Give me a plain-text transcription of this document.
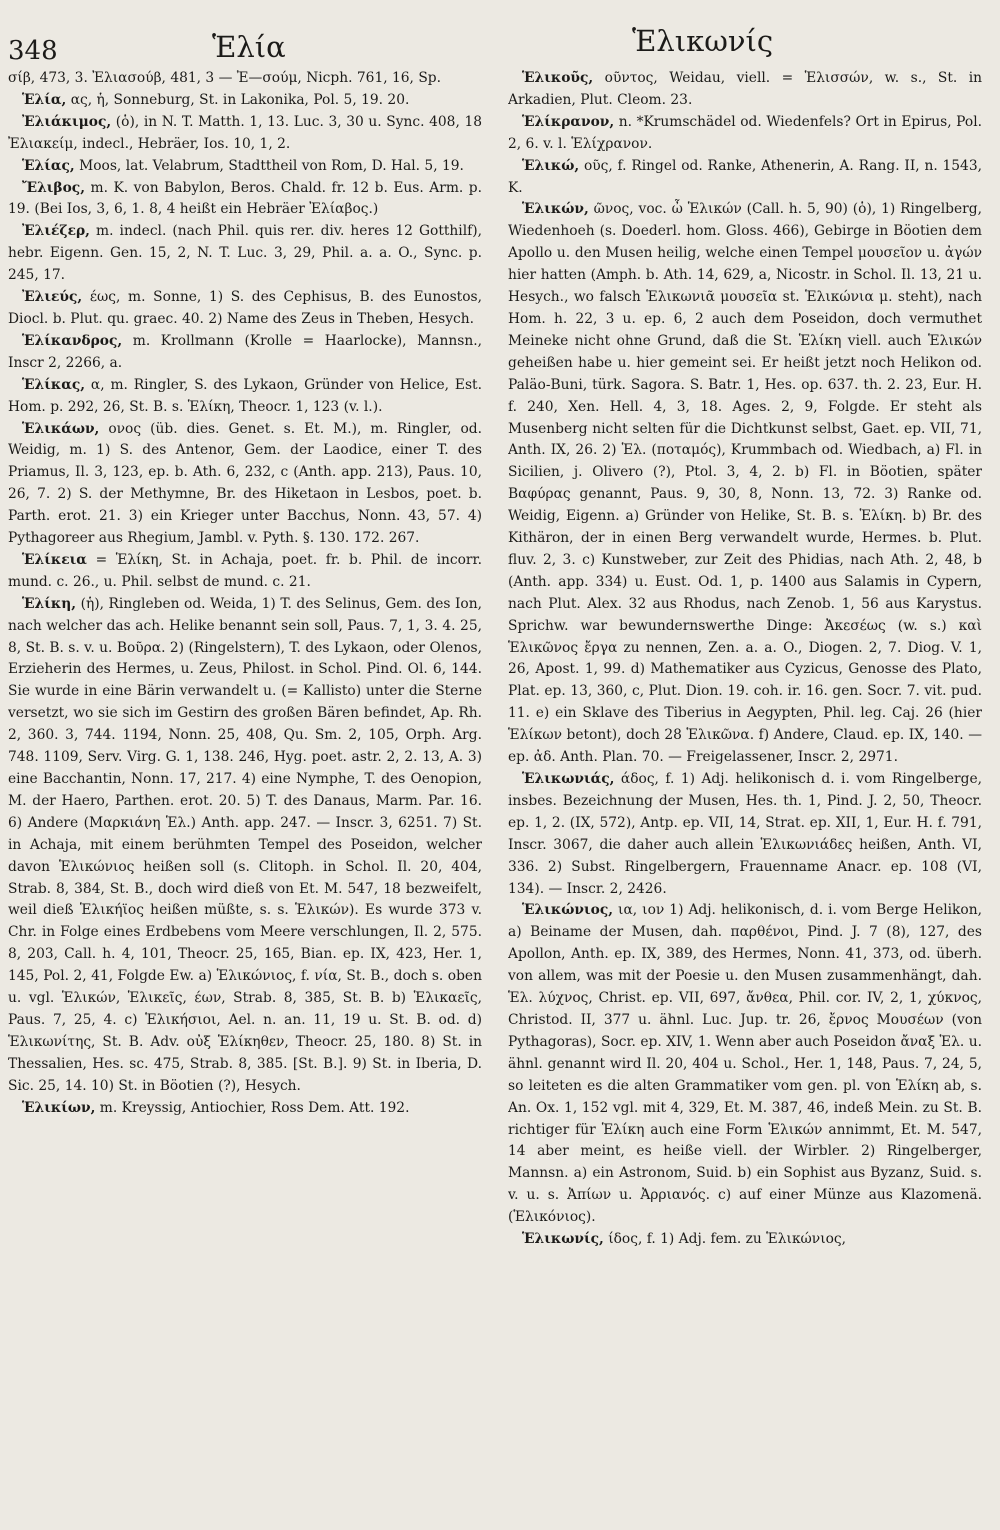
348	Ἑλία	Ἑλικωνίς

σίβ, 473, 3. Ἐλιασούβ, 481, 3 — Ἐ—σούμ, Nicph. 761, 16, Sp.

Ἑλία, ας, ἡ, Sonneburg, St. in Lakonika, Pol. 5, 19. 20.

Ἐλιάκιμος, (ὁ), in N. T. Matth. 1, 13. Luc. 3, 30 u. Sync. 408, 18 Ἐλιακείμ, indecl., Hebräer, Ios. 10, 1, 2.

Ἑλίας, Moos, lat. Velabrum, Stadttheil von Rom, D. Hal. 5, 19.

Ἔλιβος, m. K. von Babylon, Beros. Chald. fr. 12 b. Eus. Arm. p. 19. (Bei Ios, 3, 6, 1. 8, 4 heißt ein Hebräer Ἐλίαβος.)

Ἐλιέζερ, m. indecl. (nach Phil. quis rer. div. heres 12 Gotthilf), hebr. Eigenn. Gen. 15, 2, N. T. Luc. 3, 29, Phil. a. a. O., Sync. p. 245, 17.

Ἐλιεύς, έως, m. Sonne, 1) S. des Cephisus, B. des Eunostos, Diocl. b. Plut. qu. graec. 40. 2) Name des Zeus in Theben, Hesych.

Ἑλίκανδρος, m. Krollmann (Krolle = Haarlocke), Mannsn., Inscr 2, 2266, a.

Ἑλίκας, α, m. Ringler, S. des Lykaon, Gründer von Helice, Est. Hom. p. 292, 26, St. B. s. Ἑλίκη, Theocr. 1, 123 (v. l.).

Ἑλικάων, ονος (üb. dies. Genet. s. Et. M.), m. Ringler, od. Weidig, m. 1) S. des Antenor, Gem. der Laodice, einer T. des Priamus, Il. 3, 123, ep. b. Ath. 6, 232, c (Anth. app. 213), Paus. 10, 26, 7. 2) S. der Methymne, Br. des Hiketaon in Lesbos, poet. b. Parth. erot. 21. 3) ein Krieger unter Bacchus, Nonn. 43, 57. 4) Pythagoreer aus Rhegium, Jambl. v. Pyth. §. 130. 172. 267.

Ἑλίκεια = Ἑλίκη, St. in Achaja, poet. fr. b. Phil. de incorr. mund. c. 26., u. Phil. selbst de mund. c. 21.

Ἑλίκη, (ἡ), Ringleben od. Weida, 1) T. des Selinus, Gem. des Ion, nach welcher das ach. Helike benannt sein soll, Paus. 7, 1, 3. 4. 25, 8, St. B. s. v. u. Βοῦρα. 2) (Ringelstern), T. des Lykaon, oder Olenos, Erzieherin des Hermes, u. Zeus, Philost. in Schol. Pind. Ol. 6, 144. Sie wurde in eine Bärin verwandelt u. (= Kallisto) unter die Sterne versetzt, wo sie sich im Gestirn des großen Bären befindet, Ap. Rh. 2, 360. 3, 744. 1194, Nonn. 25, 408, Qu. Sm. 2, 105, Orph. Arg. 748. 1109, Serv. Virg. G. 1, 138. 246, Hyg. poet. astr. 2, 2. 13, A. 3) eine Bacchantin, Nonn. 17, 217. 4) eine Nymphe, T. des Oenopion, M. der Haero, Parthen. erot. 20. 5) T. des Danaus, Marm. Par. 16. 6) Andere (Μαρκιάνη Ἑλ.) Anth. app. 247. — Inscr. 3, 6251. 7) St. in Achaja, mit einem berühmten Tempel des Poseidon, welcher davon Ἑλικώνιος heißen soll (s. Clitoph. in Schol. Il. 20, 404, Strab. 8, 384, St. B., doch wird dieß von Et. M. 547, 18 bezweifelt, weil dieß Ἑλικήϊος heißen müßte, s. s. Ἑλικών). Es wurde 373 v. Chr. in Folge eines Erdbebens vom Meere verschlungen, Il. 2, 575. 8, 203, Call. h. 4, 101, Theocr. 25, 165, Bian. ep. IX, 423, Her. 1, 145, Pol. 2, 41, Folgde Ew. a) Ἑλικώνιος, f. νία, St. B., doch s. oben u. vgl. Ἑλικών, Ἑλικεῖς, έων, Strab. 8, 385, St. B. b) Ἑλικαεῖς, Paus. 7, 25, 4. c) Ἑλικήσιοι, Ael. n. an. 11, 19 u. St. B. od. d) Ἑλικωνίτης, St. B. Adv. οὐξ Ἑλίκηθεν, Theocr. 25, 180. 8) St. in Thessalien, Hes. sc. 475, Strab. 8, 385. [St. B.]. 9) St. in Iberia, D. Sic. 25, 14. 10) St. in Böotien (?), Hesych.

Ἑλικίων, m. Kreyssig, Antiochier, Ross Dem. Att. 192.

Ἑλικοῦς, οῦντος, Weidau, viell. = Ἑλισσών, w. s., St. in Arkadien, Plut. Cleom. 23.

Ἑλίκρανον, n. *Krumschädel od. Wiedenfels? Ort in Epirus, Pol. 2, 6. v. l. Ἑλίχρανον.

Ἑλικώ, οῦς, f. Ringel od. Ranke, Athenerin, A. Rang. II, n. 1543, K.

Ἑλικών, ῶνος, voc. ὦ Ἑλικών (Call. h. 5, 90) (ὁ), 1) Ringelberg, Wiedenhoeh (s. Doederl. hom. Gloss. 466), Gebirge in Böotien dem Apollo u. den Musen heilig, welche einen Tempel μουσεῖον u. ἀγών hier hatten (Amph. b. Ath. 14, 629, a, Nicostr. in Schol. Il. 13, 21 u. Hesych., wo falsch Ἑλικωνιᾶ μουσεῖα st. Ἑλικώνια μ. steht), nach Hom. h. 22, 3 u. ep. 6, 2 auch dem Poseidon, doch vermuthet Meineke nicht ohne Grund, daß die St. Ἑλίκη viell. auch Ἑλικών geheißen habe u. hier gemeint sei. Er heißt jetzt noch Helikon od. Paläo-Buni, türk. Sagora. S. Batr. 1, Hes. op. 637. th. 2. 23, Eur. H. f. 240, Xen. Hell. 4, 3, 18. Ages. 2, 9, Folgde. Er steht als Musenberg nicht selten für die Dichtkunst selbst, Gaet. ep. VII, 71, Anth. IX, 26. 2) Ἑλ. (ποταμός), Krummbach od. Wiedbach, a) Fl. in Sicilien, j. Olivero (?), Ptol. 3, 4, 2. b) Fl. in Böotien, später Βαφύρας genannt, Paus. 9, 30, 8, Nonn. 13, 72. 3) Ranke od. Weidig, Eigenn. a) Gründer von Helike, St. B. s. Ἑλίκη. b) Br. des Kithäron, der in einen Berg verwandelt wurde, Hermes. b. Plut. fluv. 2, 3. c) Kunstweber, zur Zeit des Phidias, nach Ath. 2, 48, b (Anth. app. 334) u. Eust. Od. 1, p. 1400 aus Salamis in Cypern, nach Plut. Alex. 32 aus Rhodus, nach Zenob. 1, 56 aus Karystus. Sprichw. war bewundernswerthe Dinge: Ἀκεσέως (w. s.) καὶ Ἑλικῶνος ἔργα zu nennen, Zen. a. a. O., Diogen. 2, 7. Diog. V. 1, 26, Apost. 1, 99. d) Mathematiker aus Cyzicus, Genosse des Plato, Plat. ep. 13, 360, c, Plut. Dion. 19. coh. ir. 16. gen. Socr. 7. vit. pud. 11. e) ein Sklave des Tiberius in Aegypten, Phil. leg. Caj. 26 (hier Ἑλίκων betont), doch 28 Ἑλικῶνα. f) Andere, Claud. ep. IX, 140. — ep. ἀδ. Anth. Plan. 70. — Freigelassener, Inscr. 2, 2971.

Ἑλικωνιάς, άδος, f. 1) Adj. helikonisch d. i. vom Ringelberge, insbes. Bezeichnung der Musen, Hes. th. 1, Pind. J. 2, 50, Theocr. ep. 1, 2. (IX, 572), Antp. ep. VII, 14, Strat. ep. XII, 1, Eur. H. f. 791, Inscr. 3067, die daher auch allein Ἑλικωνιάδες heißen, Anth. VI, 336. 2) Subst. Ringelbergern, Frauenname Anacr. ep. 108 (VI, 134). — Inscr. 2, 2426.

Ἑλικώνιος, ια, ιον 1) Adj. helikonisch, d. i. vom Berge Helikon, a) Beiname der Musen, dah. παρθένοι, Pind. J. 7 (8), 127, des Apollon, Anth. ep. IX, 389, des Hermes, Nonn. 41, 373, od. überh. von allem, was mit der Poesie u. den Musen zusammenhängt, dah. Ἑλ. λύχνος, Christ. ep. VII, 697, ἄνθεα, Phil. cor. IV, 2, 1, χύκνος, Christod. II, 377 u. ähnl. Luc. Jup. tr. 26, ἔρνος Μουσέων (von Pythagoras), Socr. ep. XIV, 1. Wenn aber auch Poseidon ἄναξ Ἑλ. u. ähnl. genannt wird Il. 20, 404 u. Schol., Her. 1, 148, Paus. 7, 24, 5, so leiteten es die alten Grammatiker vom gen. pl. von Ἑλίκη ab, s. An. Ox. 1, 152 vgl. mit 4, 329, Et. M. 387, 46, indeß Mein. zu St. B. richtiger für Ἑλίκη auch eine Form Ἑλικών annimmt, Et. M. 547, 14 aber meint, es heiße viell. der Wirbler. 2) Ringelberger, Mannsn. a) ein Astronom, Suid. b) ein Sophist aus Byzanz, Suid. s. v. u. s. Ἀπίων u. Ἀρριανός. c) auf einer Münze aus Klazomenä. (Ἑλικόνιος).

Ἑλικωνίς, ίδος, f. 1) Adj. fem. zu Ἑλικώνιος,
